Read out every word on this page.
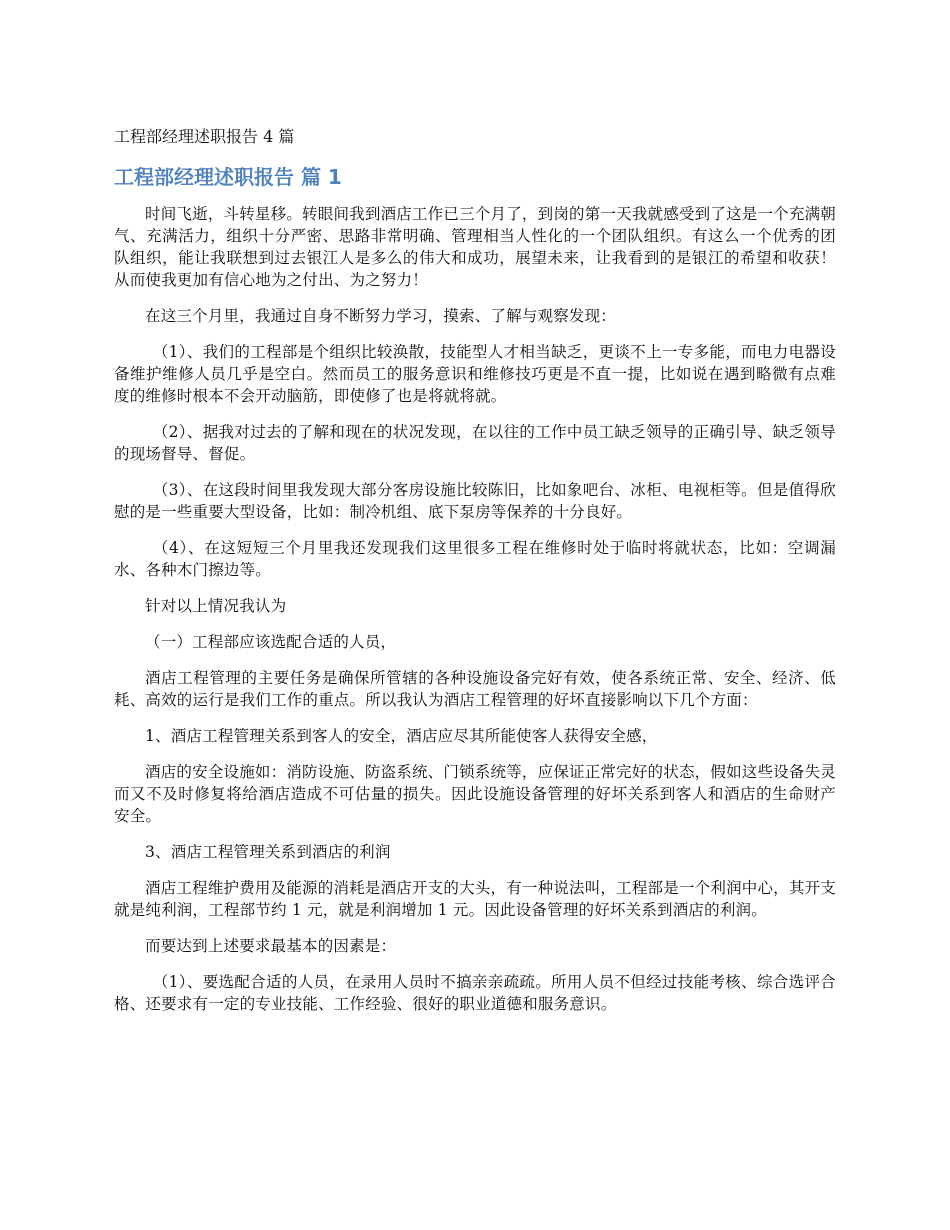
工程部经理述职报告 4 篇

工程部经理述职报告 篇 1

时间飞逝，斗转星移。转眼间我到酒店工作已三个月了，到岗的第一天我就感受到了这是一个充满朝气、充满活力，组织十分严密、思路非常明确、管理相当人性化的一个团队组织。有这么一个优秀的团队组织，能让我联想到过去银江人是多么的伟大和成功，展望未来，让我看到的是银江的希望和收获！从而使我更加有信心地为之付出、为之努力！

在这三个月里，我通过自身不断努力学习，摸索、了解与观察发现：

（1）、我们的工程部是个组织比较涣散，技能型人才相当缺乏，更谈不上一专多能，而电力电器设备维护维修人员几乎是空白。然而员工的服务意识和维修技巧更是不直一提，比如说在遇到略微有点难度的维修时根本不会开动脑筋，即使修了也是将就将就。

（2）、据我对过去的了解和现在的状况发现，在以往的工作中员工缺乏领导的正确引导、缺乏领导的现场督导、督促。

（3）、在这段时间里我发现大部分客房设施比较陈旧，比如象吧台、冰柜、电视柜等。但是值得欣慰的是一些重要大型设备，比如：制冷机组、底下泵房等保养的十分良好。

（4）、在这短短三个月里我还发现我们这里很多工程在维修时处于临时将就状态，比如：空调漏水、各种木门擦边等。

针对以上情况我认为

（一）工程部应该选配合适的人员，

酒店工程管理的主要任务是确保所管辖的各种设施设备完好有效，使各系统正常、安全、经济、低耗、高效的运行是我们工作的重点。所以我认为酒店工程管理的好坏直接影响以下几个方面：

1、酒店工程管理关系到客人的安全，酒店应尽其所能使客人获得安全感，

酒店的安全设施如：消防设施、防盗系统、门锁系统等，应保证正常完好的状态，假如这些设备失灵而又不及时修复将给酒店造成不可估量的损失。因此设施设备管理的好坏关系到客人和酒店的生命财产安全。

3、酒店工程管理关系到酒店的利润

酒店工程维护费用及能源的消耗是酒店开支的大头，有一种说法叫，工程部是一个利润中心，其开支就是纯利润，工程部节约 1 元，就是利润增加 1 元。因此设备管理的好坏关系到酒店的利润。

而要达到上述要求最基本的因素是：

（1）、要选配合适的人员，在录用人员时不搞亲亲疏疏。所用人员不但经过技能考核、综合选评合格、还要求有一定的专业技能、工作经验、很好的职业道德和服务意识。
